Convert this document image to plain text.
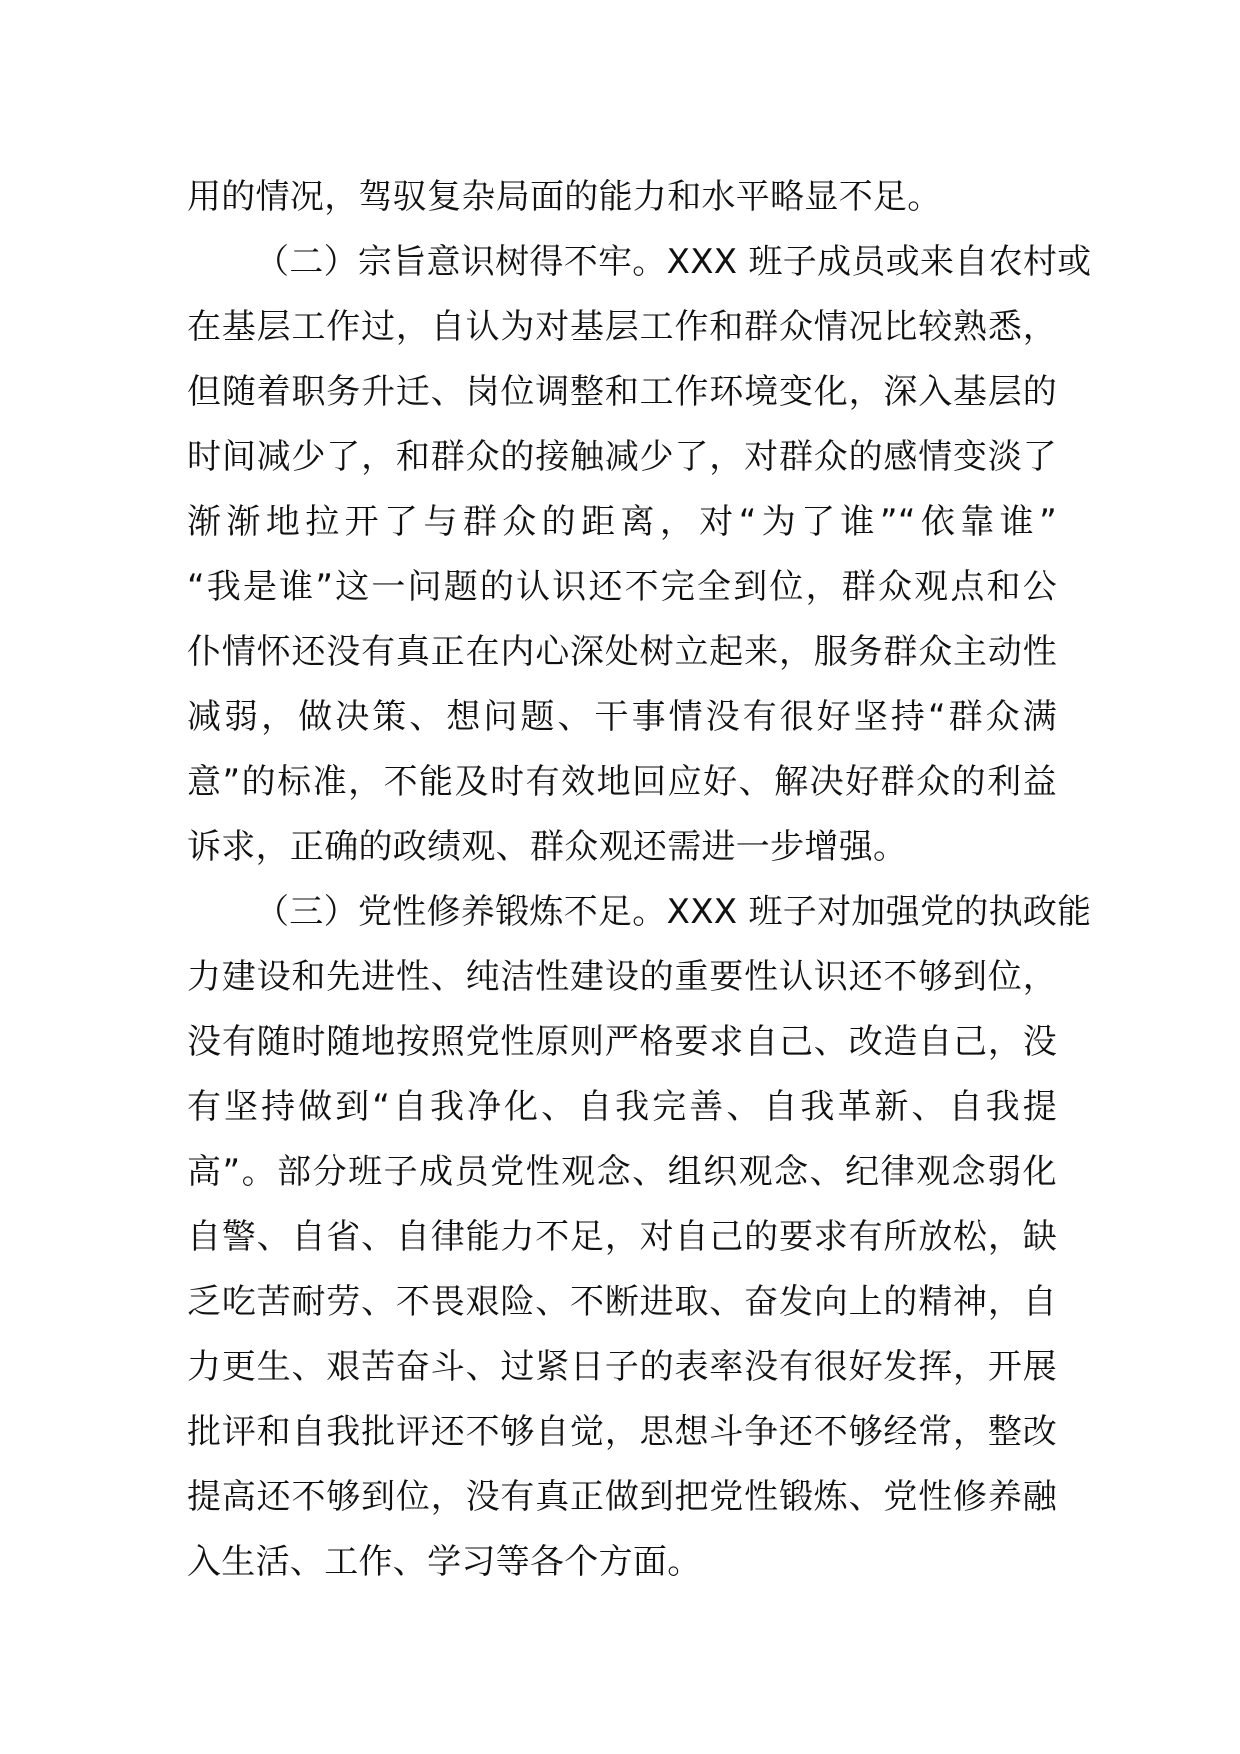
用的情况，驾驭复杂局面的能力和水平略显不足。
（二）宗旨意识树得不牢。XXX 班子成员或来自农村或
在基层工作过，自认为对基层工作和群众情况比较熟悉，
但随着职务升迁、岗位调整和工作环境变化，深入基层的
时间减少了，和群众的接触减少了，对群众的感情变淡了
渐渐地拉开了与群众的距离，对“为了谁”“依靠谁”
“我是谁”这一问题的认识还不完全到位，群众观点和公
仆情怀还没有真正在内心深处树立起来，服务群众主动性
减弱，做决策、想问题、干事情没有很好坚持“群众满
意”的标准，不能及时有效地回应好、解决好群众的利益
诉求，正确的政绩观、群众观还需进一步增强。
（三）党性修养锻炼不足。XXX 班子对加强党的执政能
力建设和先进性、纯洁性建设的重要性认识还不够到位，
没有随时随地按照党性原则严格要求自己、改造自己，没
有坚持做到“自我净化、自我完善、自我革新、自我提
高”。部分班子成员党性观念、组织观念、纪律观念弱化
自警、自省、自律能力不足，对自己的要求有所放松，缺
乏吃苦耐劳、不畏艰险、不断进取、奋发向上的精神，自
力更生、艰苦奋斗、过紧日子的表率没有很好发挥，开展
批评和自我批评还不够自觉，思想斗争还不够经常，整改
提高还不够到位，没有真正做到把党性锻炼、党性修养融
入生活、工作、学习等各个方面。
